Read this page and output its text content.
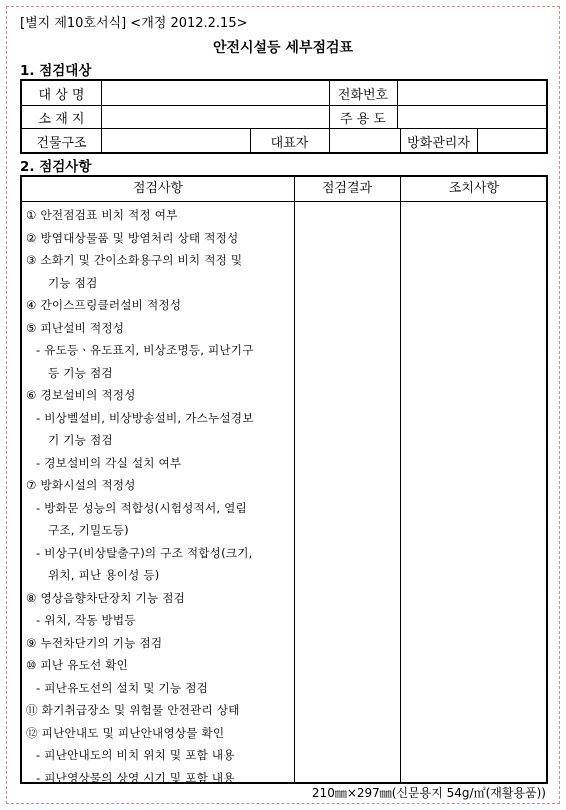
[별지 제10호서식] <개정 2012.2.15>
안전시설등 세부점검표
1. 점검대상
대 상 명	전화번호
소 재 지	주 용 도
건물구조	대표자	방화관리자
2. 점검사항
점검사항	점검결과	조치사항
① 안전점검표 비치 적정 여부
② 방염대상물품 및 방염처리 상태 적정성
③ 소화기 및 간이소화용구의 비치 적정 및
기능 점검
④ 간이스프링클러설비 적정성
⑤ 피난설비 적정성
- 유도등ㆍ유도표지, 비상조명등, 피난기구
등 기능 점검
⑥ 경보설비의 적정성
- 비상벨설비, 비상방송설비, 가스누설경보
기 기능 점검
- 경보설비의 각실 설치 여부
⑦ 방화시설의 적정성
- 방화문 성능의 적합성(시험성적서, 열림
구조, 기밀도등)
- 비상구(비상탈출구)의 구조 적합성(크기,
위치, 피난 용이성 등)
⑧ 영상음향차단장치 기능 점검
- 위치, 작동 방법등
⑨ 누전차단기의 기능 점검
⑩ 피난 유도선 확인
- 피난유도선의 설치 및 기능 점검
⑪ 화기취급장소 및 위험물 안전관리 상태
⑫ 피난안내도 및 피난안내영상물 확인
- 피난안내도의 비치 위치 및 포함 내용
- 피난영상물의 상영 시기 및 포함 내용
210㎜×297㎜(신문용지 54g/㎡(재활용품))
